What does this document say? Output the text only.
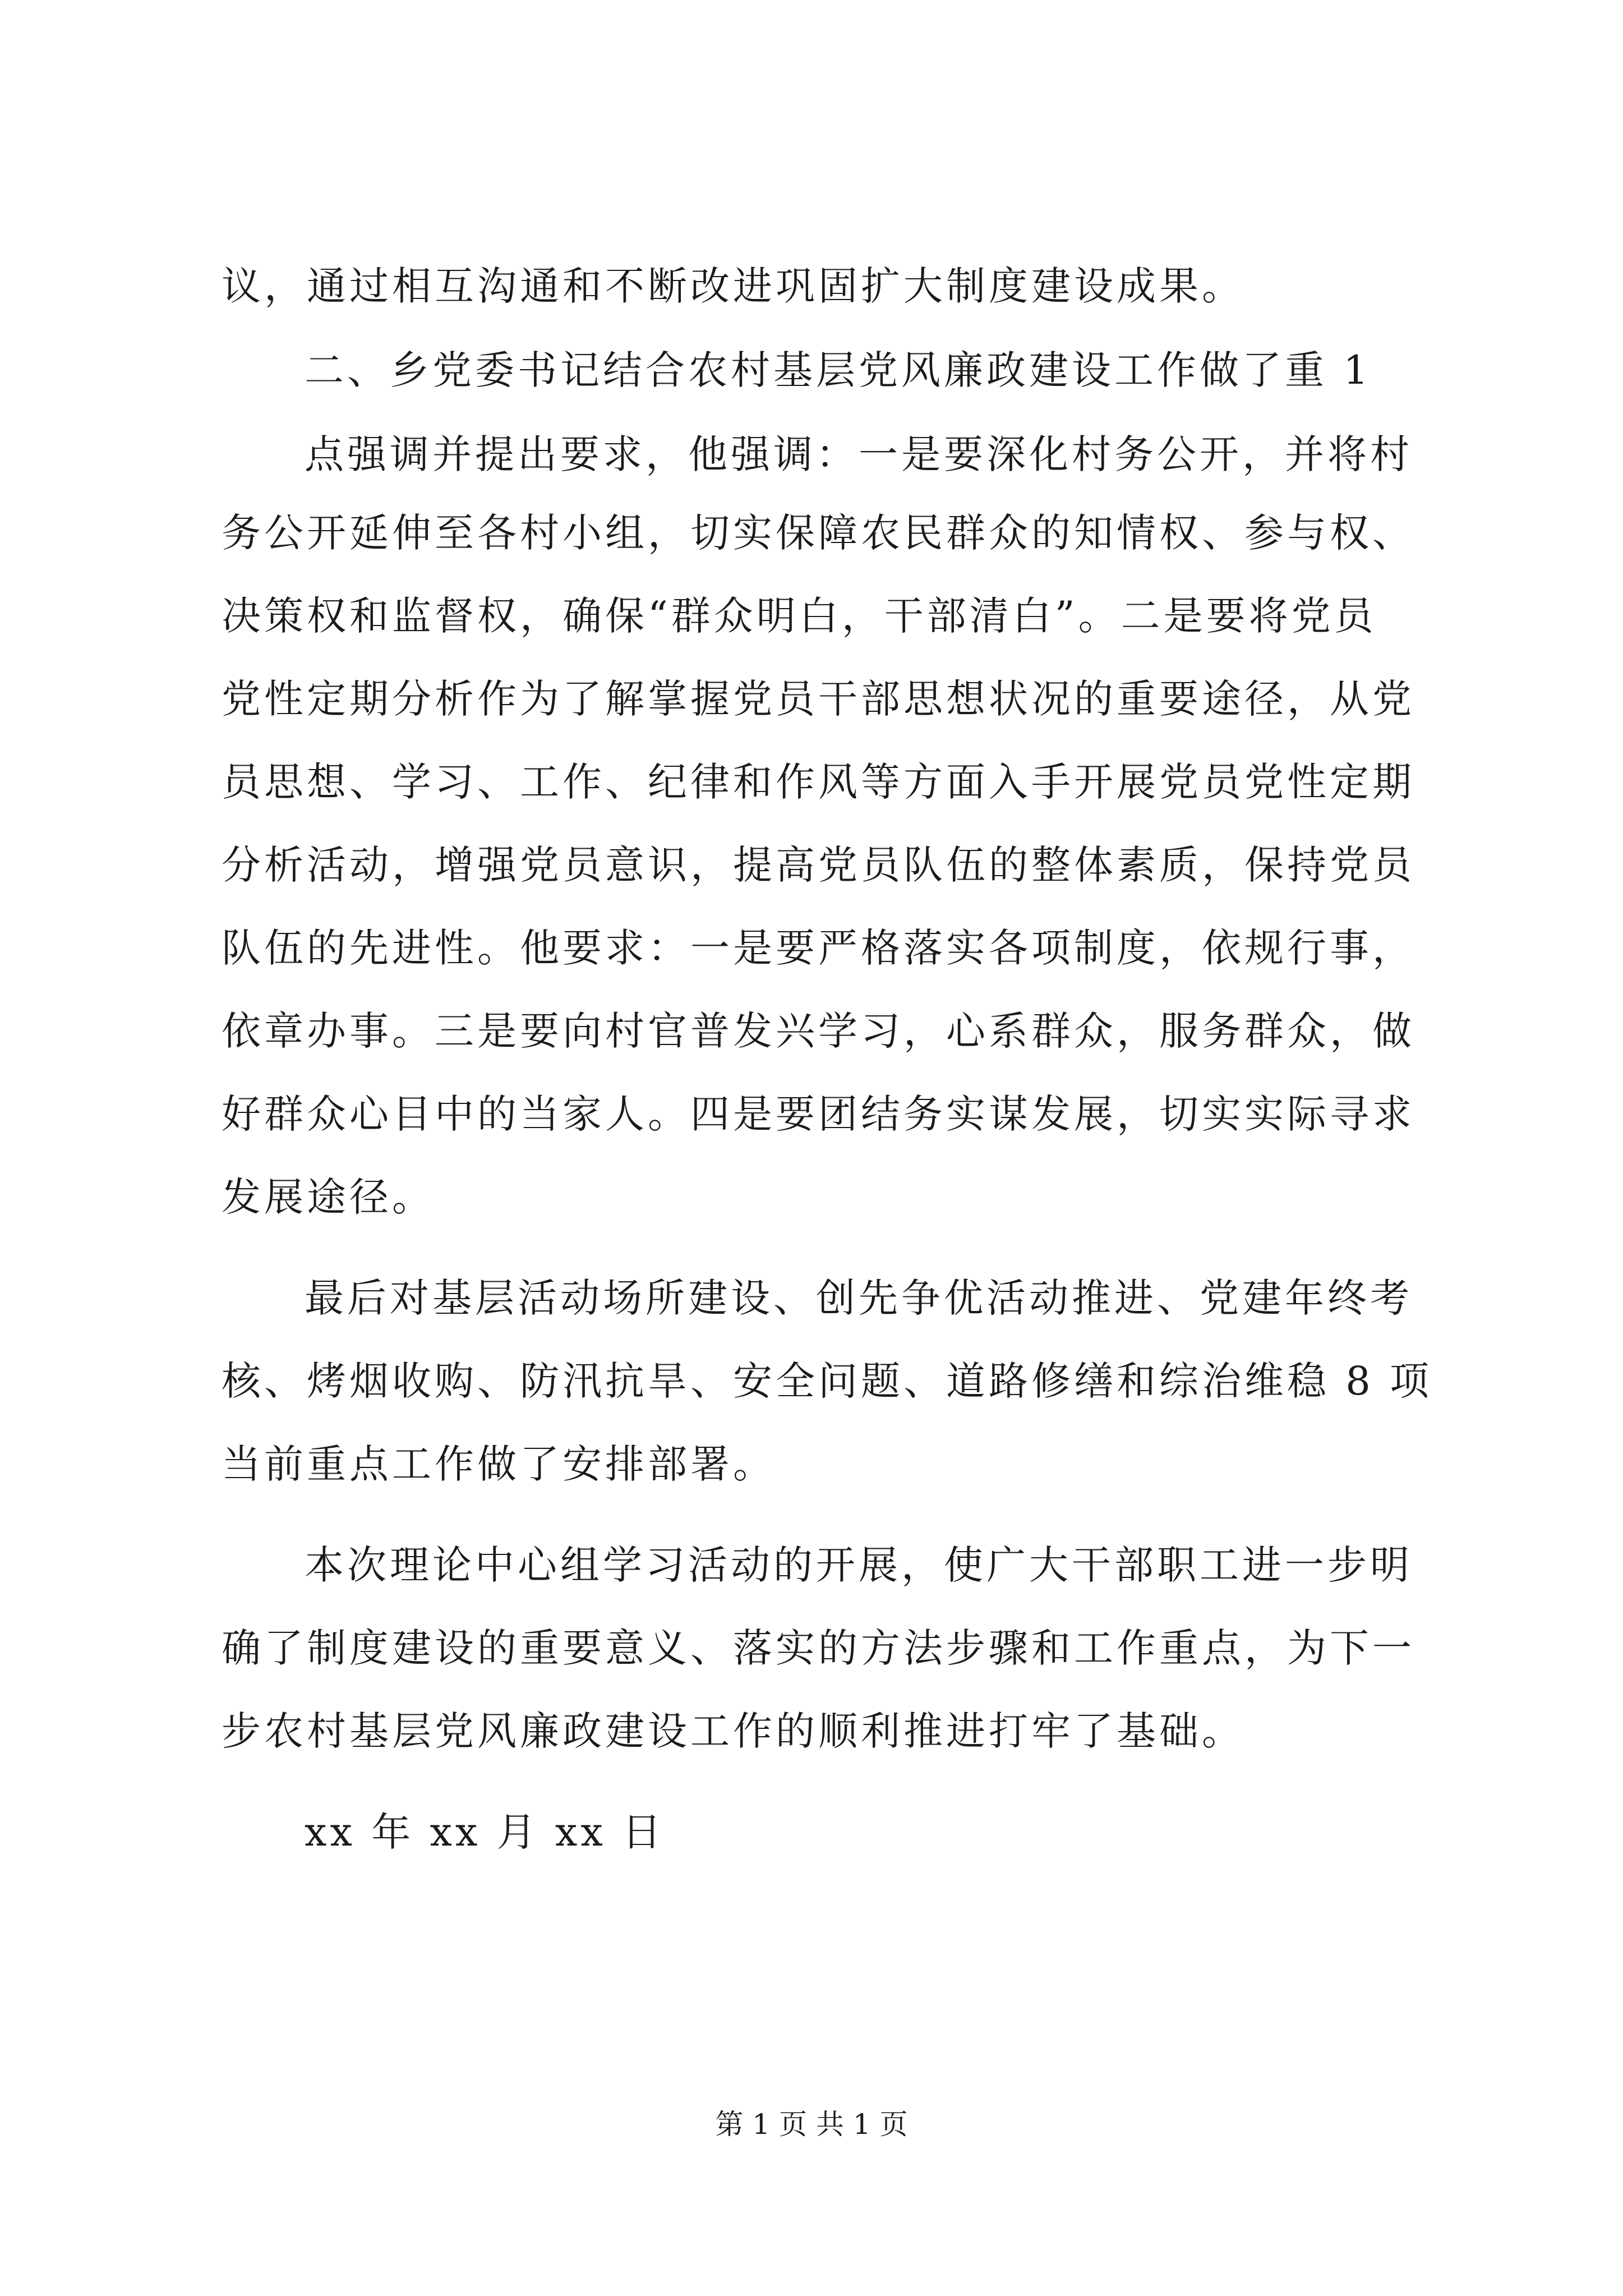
议，通过相互沟通和不断改进巩固扩大制度建设成果。

二、乡党委书记结合农村基层党风廉政建设工作做了重 1

点强调并提出要求，他强调：一是要深化村务公开，并将村

务公开延伸至各村小组，切实保障农民群众的知情权、参与权、

决策权和监督权，确保“群众明白，干部清白”。二是要将党员

党性定期分析作为了解掌握党员干部思想状况的重要途径，从党

员思想、学习、工作、纪律和作风等方面入手开展党员党性定期

分析活动，增强党员意识，提高党员队伍的整体素质，保持党员

队伍的先进性。他要求：一是要严格落实各项制度，依规行事，

依章办事。三是要向村官普发兴学习，心系群众，服务群众，做

好群众心目中的当家人。四是要团结务实谋发展，切实实际寻求

发展途径。

最后对基层活动场所建设、创先争优活动推进、党建年终考

核、烤烟收购、防汛抗旱、安全问题、道路修缮和综治维稳 8 项

当前重点工作做了安排部署。

本次理论中心组学习活动的开展，使广大干部职工进一步明

确了制度建设的重要意义、落实的方法步骤和工作重点，为下一

步农村基层党风廉政建设工作的顺利推进打牢了基础。

xx 年 xx 月 xx 日

第 1 页 共 1 页
